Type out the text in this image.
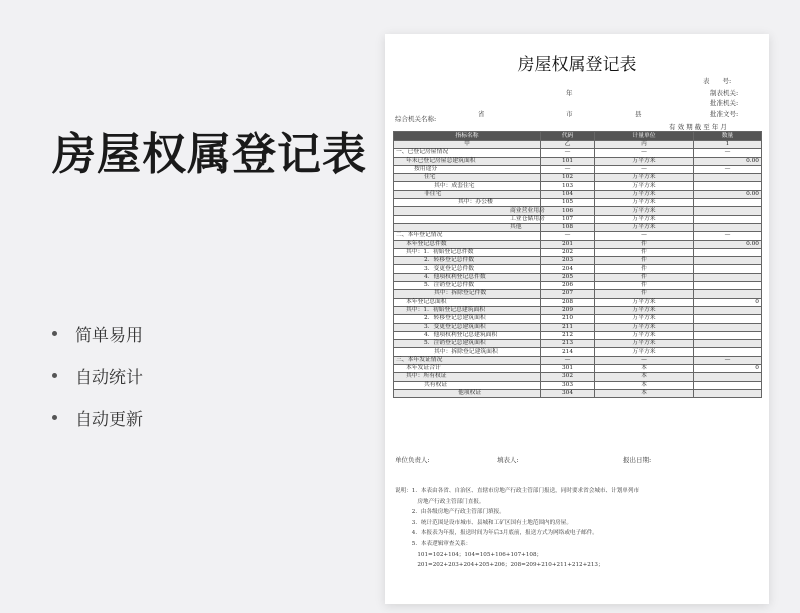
房屋权属登记表
简单易用
自动统计
自动更新
房屋权属登记表
表　　号:
年	制表机关:
批准机关:
省	市	县	批准文号:
综合机关名称:
有 效 期 截 至 年 月
指标名称	代码	计量单位	数量
甲	乙	丙	1
一、已登记房屋情况	—	—	—
年末已登记房屋总建筑面积	101	万平方米	0.00
按用途分	—	—	—
住宅	102	万平方米	
其中：成套住宅	103	万平方米	
非住宅	104	万平方米	0.00
其中：办公楼	105	万平方米	
商业营业用房	106	万平方米	
工业仓储用房	107	万平方米	
其他	108	万平方米	
二、本年登记情况	—	—	—
本年登记总件数	201	件	0.00
其中：1．初始登记总件数	202	件	
2．转移登记总件数	203	件	
3．变更登记总件数	204	件	
4．他项权利登记总件数	205	件	
5．注销登记总件数	206	件	
其中：拆除登记件数	207	件	
本年登记总面积	208	万平方米	0
其中：1．初始登记总建筑面积	209	万平方米	
2．转移登记总建筑面积	210	万平方米	
3．变更登记总建筑面积	211	万平方米	
4．他项权利登记总建筑面积	212	万平方米	
5．注销登记总建筑面积	213	万平方米	
其中：拆除登记建筑面积	214	万平方米	
三、本年发证情况	—	—	—
本年发证合计	301	本	0
其中：所有权证	302	本	
共有权证	303	本	
他项权证	304	本	
单位负责人:	填表人:	报出日期:
说明：1．本表由各省、自治区、直辖市房地产行政主管部门报送，同时要求省会城市、计划单列市
　　　　房地产行政主管部门直报。
　　　2．由各级房地产行政主管部门填报。
　　　3．统计范围是设市城市、县城和工矿区国有土地范围内的房屋。
　　　4．本报表为年报，报送时间为年后3月底前，报送方式为网络或电子邮件。
　　　5．本表逻辑审查关系：
　　　　101=102+104；104=105+106+107+108；
　　　　201=202+203+204+205+206；208=209+210+211+212+213；
